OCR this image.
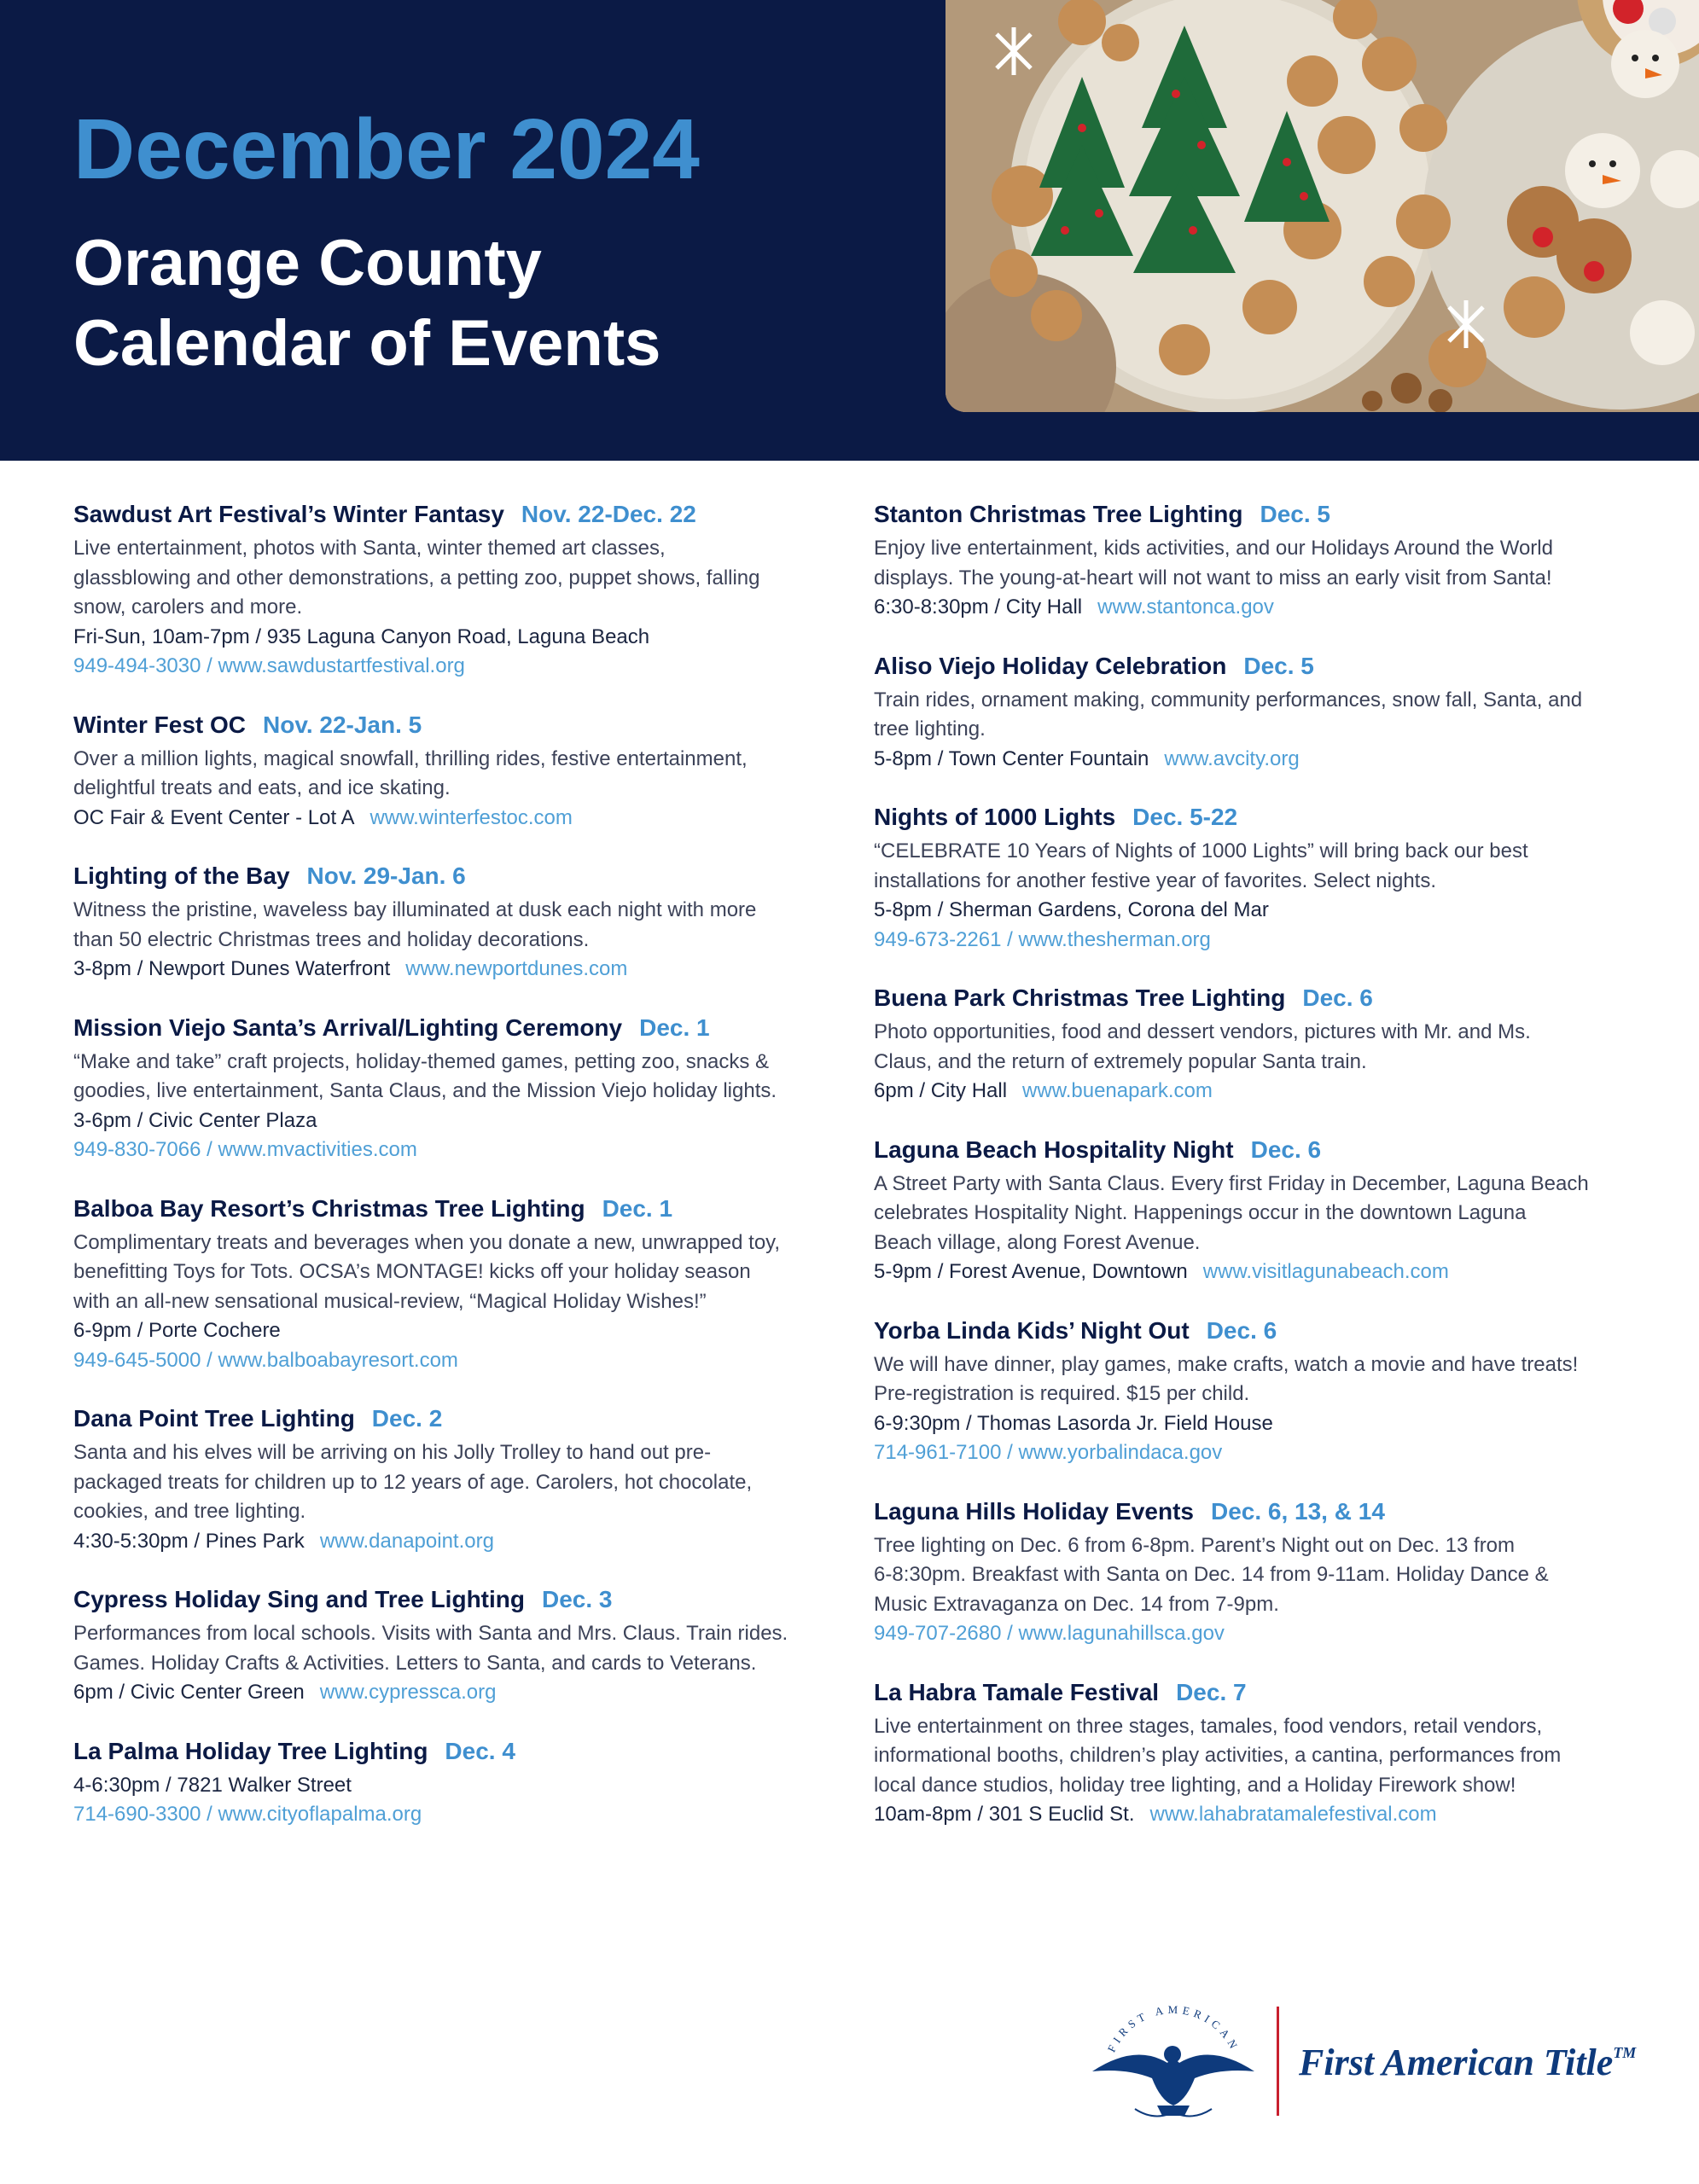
December 2024
Orange County
Calendar of Events
Sawdust Art Festival’s Winter Fantasy Nov. 22-Dec. 22
Live entertainment, photos with Santa, winter themed art classes,
glassblowing and other demonstrations, a petting zoo, puppet shows, falling
snow, carolers and more.
Fri-Sun, 10am-7pm / 935 Laguna Canyon Road, Laguna Beach
949-494-3030 / www.sawdustartfestival.org
Winter Fest OC Nov. 22-Jan. 5
Over a million lights, magical snowfall, thrilling rides, festive entertainment,
delightful treats and eats, and ice skating.
OC Fair & Event Center - Lot A www.winterfestoc.com
Lighting of the Bay Nov. 29-Jan. 6
Witness the pristine, waveless bay illuminated at dusk each night with more
than 50 electric Christmas trees and holiday decorations.
3-8pm / Newport Dunes Waterfront www.newportdunes.com
Mission Viejo Santa’s Arrival/Lighting Ceremony Dec. 1
“Make and take” craft projects, holiday-themed games, petting zoo, snacks &
goodies, live entertainment, Santa Claus, and the Mission Viejo holiday lights.
3-6pm / Civic Center Plaza
949-830-7066 / www.mvactivities.com
Balboa Bay Resort’s Christmas Tree Lighting Dec. 1
Complimentary treats and beverages when you donate a new, unwrapped toy,
benefitting Toys for Tots. OCSA’s MONTAGE! kicks off your holiday season
with an all-new sensational musical-review, “Magical Holiday Wishes!”
6-9pm / Porte Cochere
949-645-5000 / www.balboabayresort.com
Dana Point Tree Lighting Dec. 2
Santa and his elves will be arriving on his Jolly Trolley to hand out pre-
packaged treats for children up to 12 years of age. Carolers, hot chocolate,
cookies, and tree lighting.
4:30-5:30pm / Pines Park www.danapoint.org
Cypress Holiday Sing and Tree Lighting Dec. 3
Performances from local schools. Visits with Santa and Mrs. Claus. Train rides.
Games. Holiday Crafts & Activities. Letters to Santa, and cards to Veterans.
6pm / Civic Center Green www.cypressca.org
La Palma Holiday Tree Lighting Dec. 4
4-6:30pm / 7821 Walker Street
714-690-3300 / www.cityoflapalma.org
Stanton Christmas Tree Lighting Dec. 5
Enjoy live entertainment, kids activities, and our Holidays Around the World
displays. The young-at-heart will not want to miss an early visit from Santa!
6:30-8:30pm / City Hall www.stantonca.gov
Aliso Viejo Holiday Celebration Dec. 5
Train rides, ornament making, community performances, snow fall, Santa, and
tree lighting.
5-8pm / Town Center Fountain www.avcity.org
Nights of 1000 Lights Dec. 5-22
“CELEBRATE 10 Years of Nights of 1000 Lights” will bring back our best
installations for another festive year of favorites. Select nights.
5-8pm / Sherman Gardens, Corona del Mar
949-673-2261 / www.thesherman.org
Buena Park Christmas Tree Lighting Dec. 6
Photo opportunities, food and dessert vendors, pictures with Mr. and Ms.
Claus, and the return of extremely popular Santa train.
6pm / City Hall www.buenapark.com
Laguna Beach Hospitality Night Dec. 6
A Street Party with Santa Claus. Every first Friday in December, Laguna Beach
celebrates Hospitality Night. Happenings occur in the downtown Laguna
Beach village, along Forest Avenue.
5-9pm / Forest Avenue, Downtown www.visitlagunabeach.com
Yorba Linda Kids’ Night Out Dec. 6
We will have dinner, play games, make crafts, watch a movie and have treats!
Pre-registration is required. $15 per child.
6-9:30pm / Thomas Lasorda Jr. Field House
714-961-7100 / www.yorbalindaca.gov
Laguna Hills Holiday Events Dec. 6, 13, & 14
Tree lighting on Dec. 6 from 6-8pm. Parent’s Night out on Dec. 13 from
6-8:30pm. Breakfast with Santa on Dec. 14 from 9-11am. Holiday Dance &
Music Extravaganza on Dec. 14 from 7-9pm.
949-707-2680 / www.lagunahillsca.gov
La Habra Tamale Festival Dec. 7
Live entertainment on three stages, tamales, food vendors, retail vendors,
informational booths, children’s play activities, a cantina, performances from
local dance studios, holiday tree lighting, and a Holiday Firework show!
10am-8pm / 301 S Euclid St. www.lahabratamalefestival.com
FIRST AMERICAN First American Title™
